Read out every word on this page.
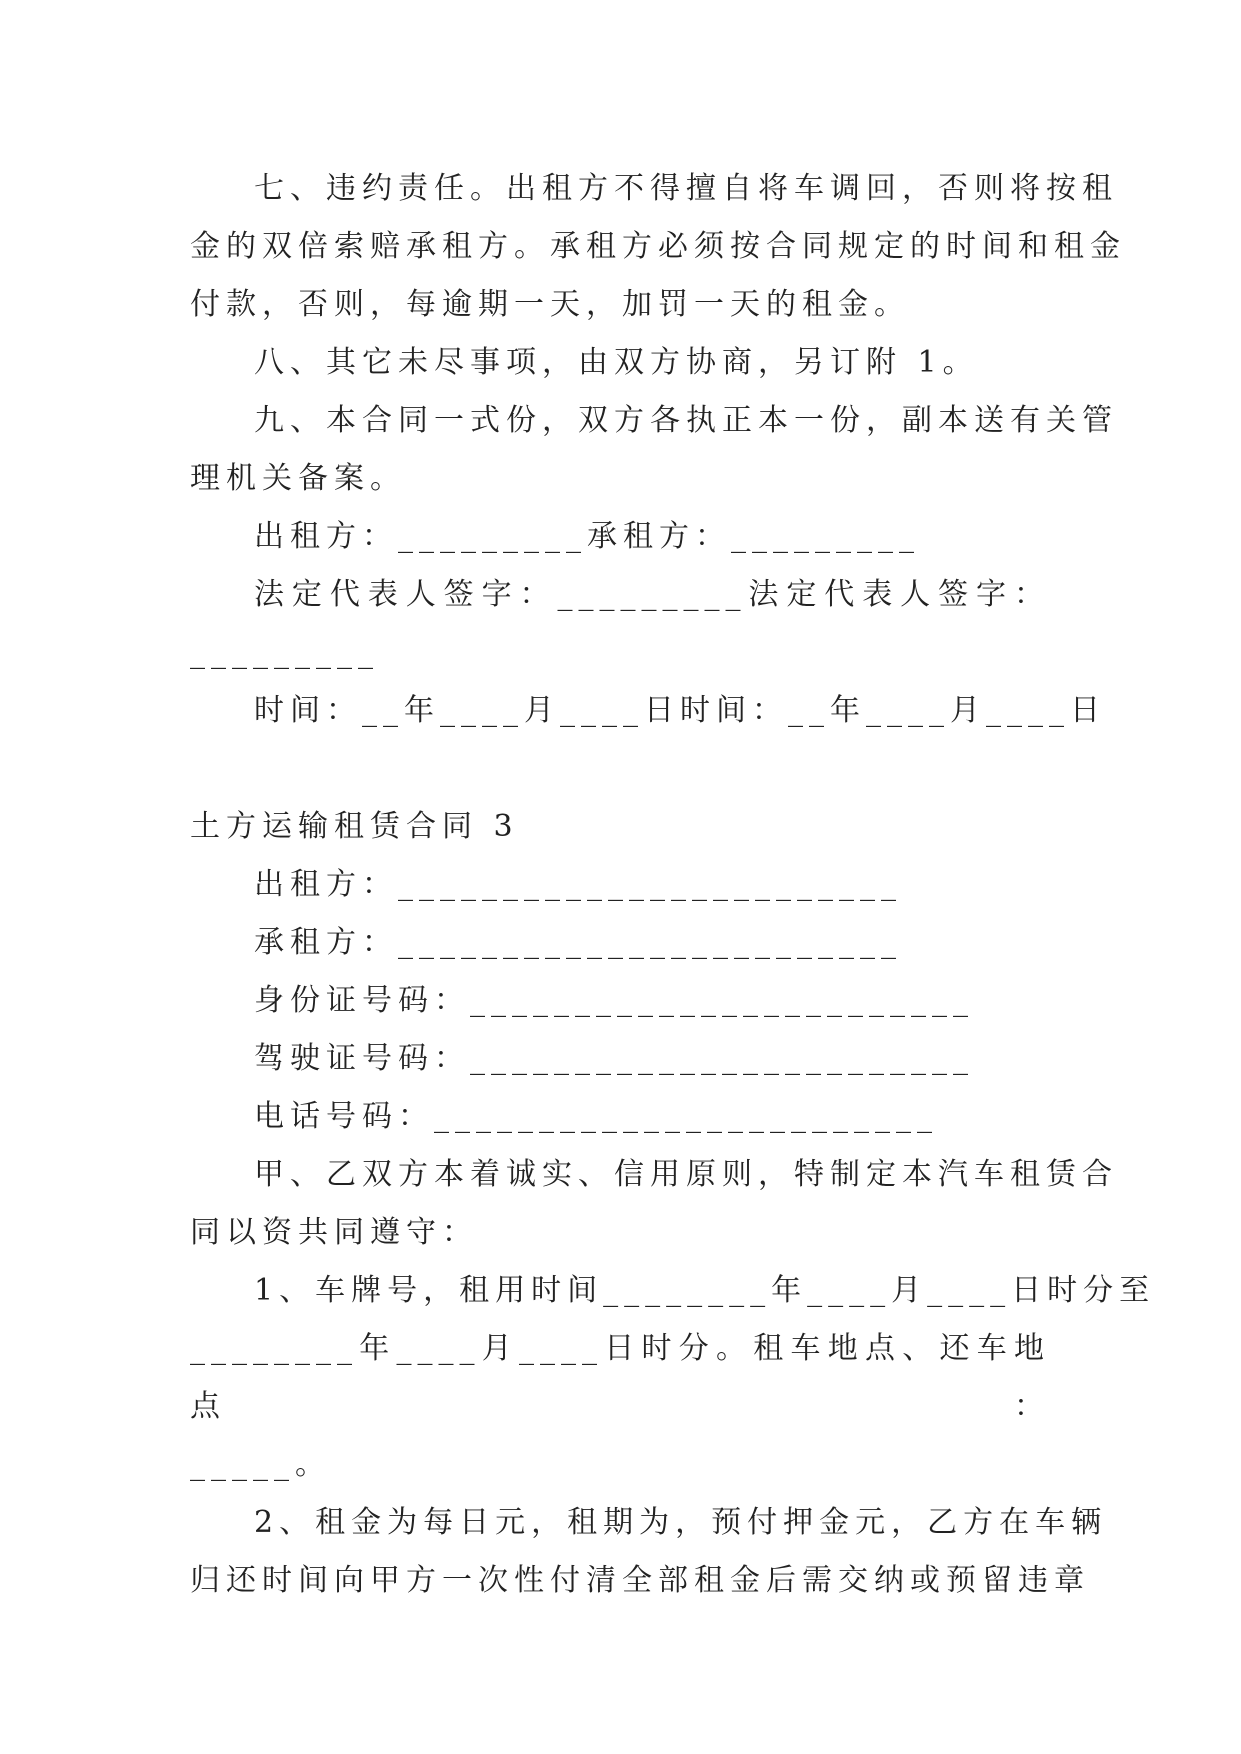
七、违约责任。出租方不得擅自将车调回，否则将按租

金的双倍索赔承租方。承租方必须按合同规定的时间和租金

付款，否则，每逾期一天，加罚一天的租金。

八、其它未尽事项，由双方协商，另订附 1。

九、本合同一式份，双方各执正本一份，副本送有关管

理机关备案。

出租方：_________承租方：_________

法定代表人签字：_________法定代表人签字：

_________

时间：__年____月____日时间：__年____月____日

土方运输租赁合同 3

出租方：________________________

承租方：________________________

身份证号码：________________________

驾驶证号码：________________________

电话号码：________________________

甲、乙双方本着诚实、信用原则，特制定本汽车租赁合

同以资共同遵守：

1、车牌号，租用时间________年____月____日时分至

________年____月____日时分。租车地点、还车地点：

_____。

2、租金为每日元，租期为，预付押金元，乙方在车辆

归还时间向甲方一次性付清全部租金后需交纳或预留违章
